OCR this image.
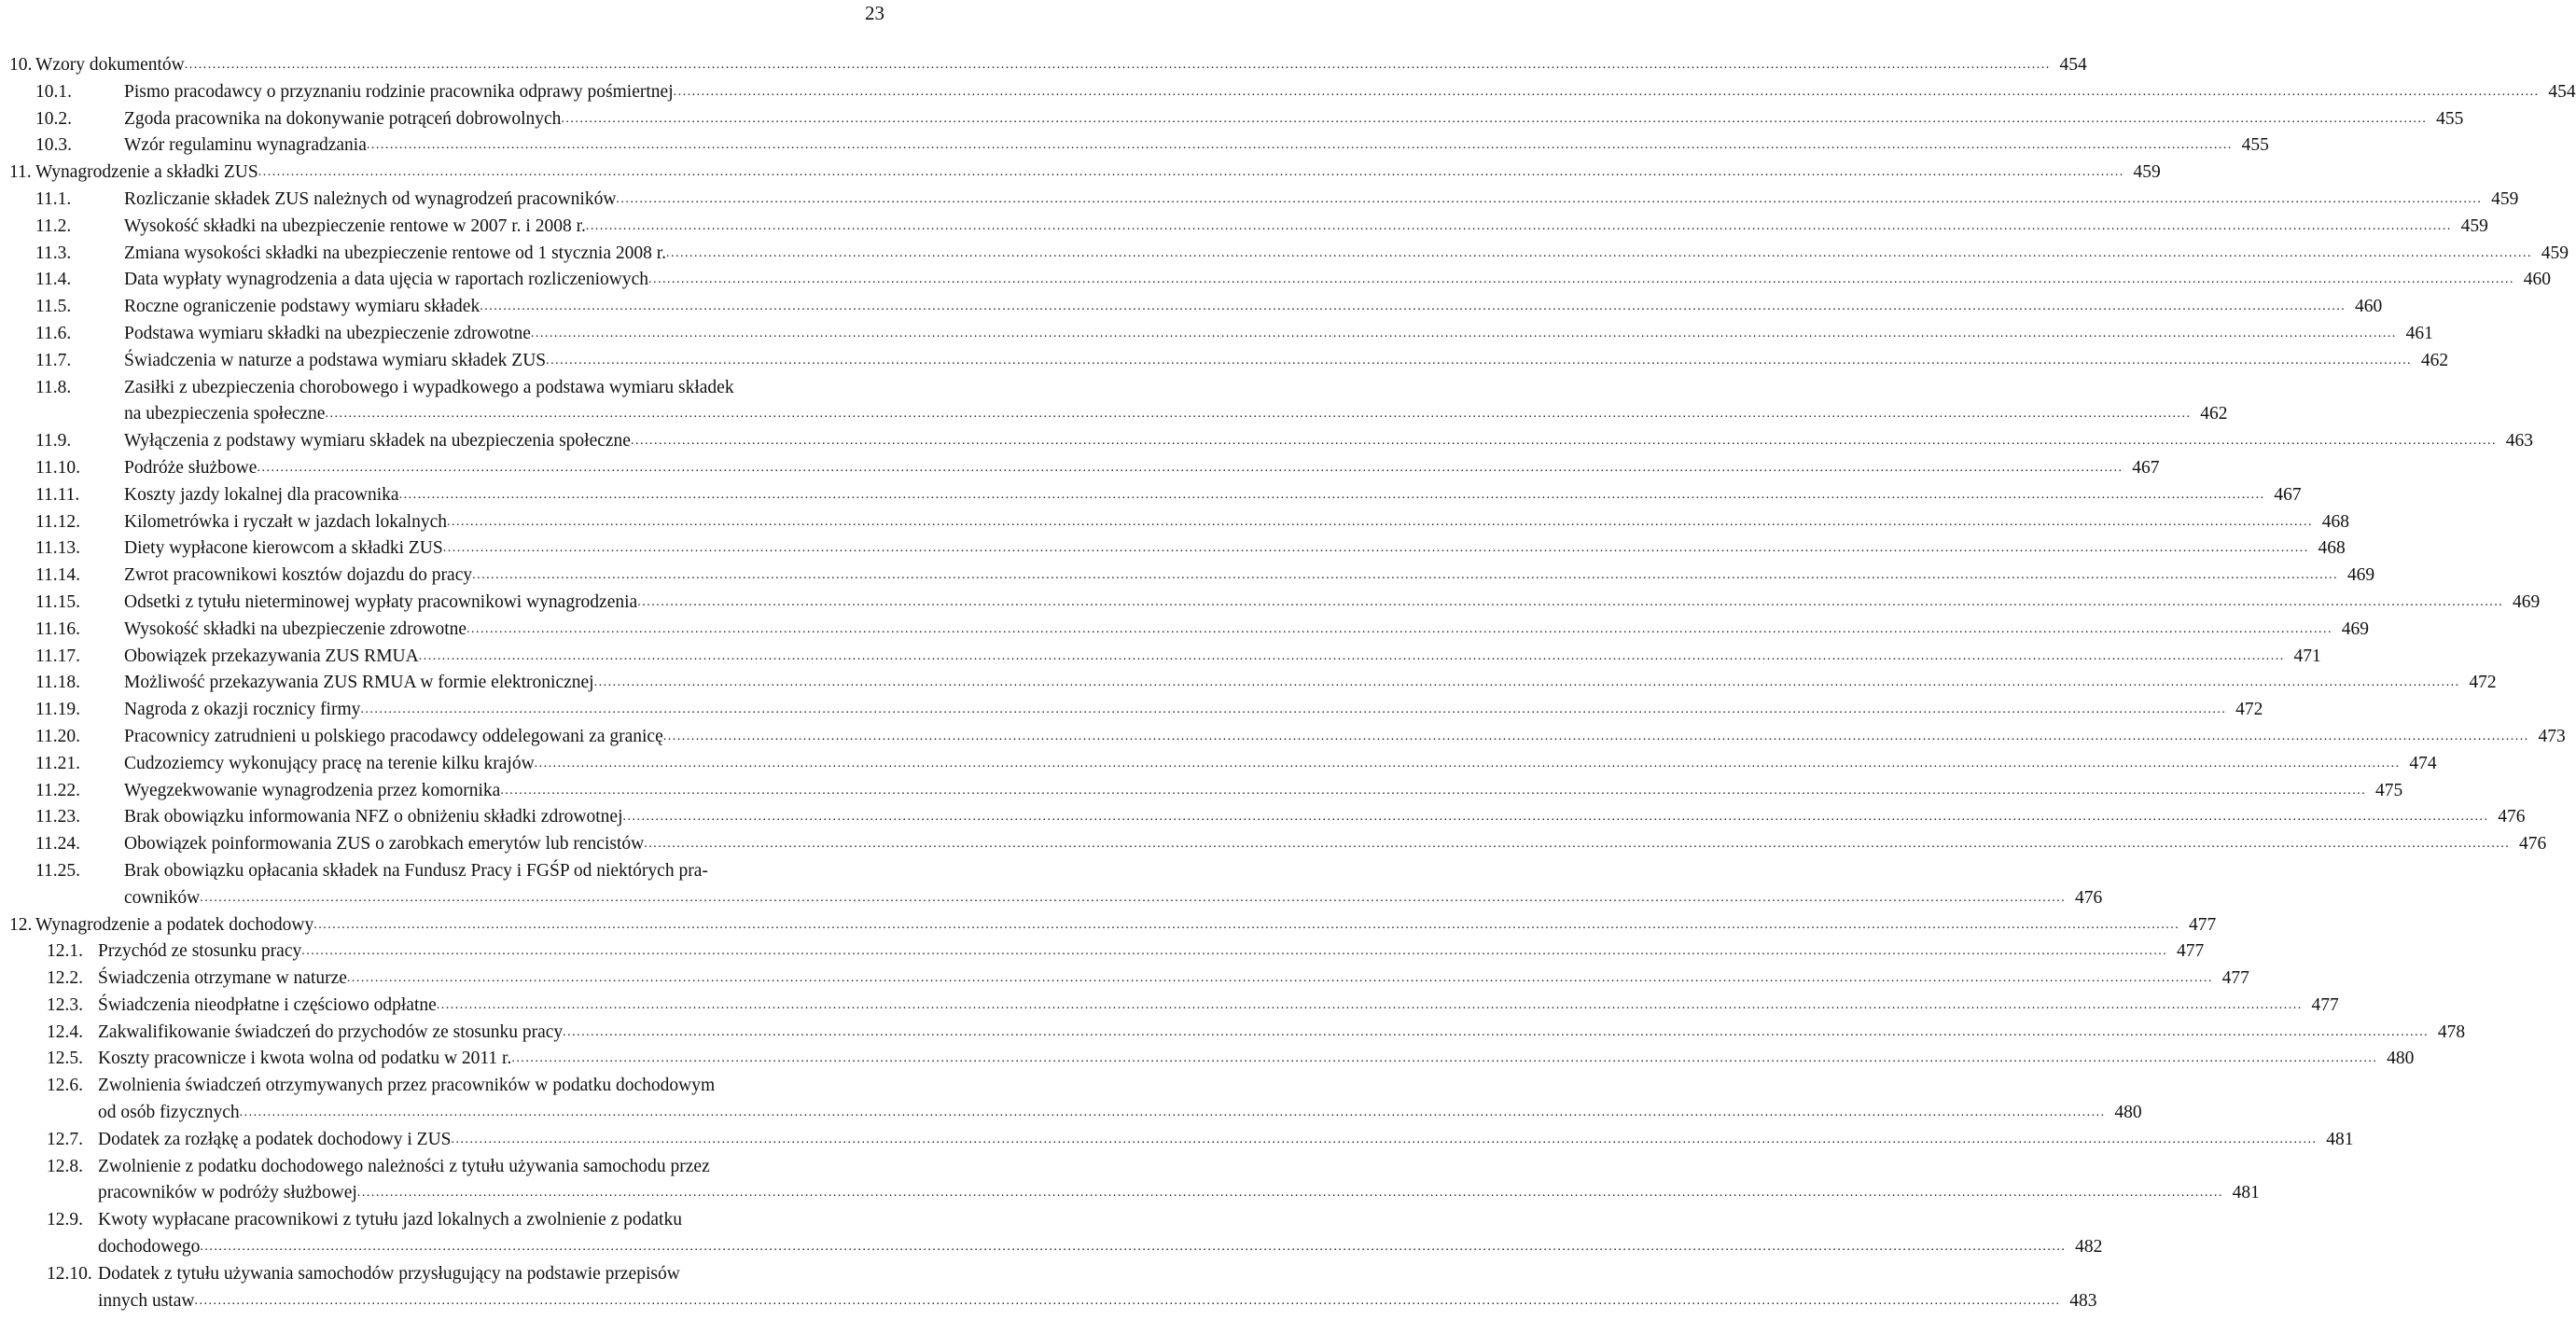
23
10. Wzory dokumentów ................................................................................................................................................................................................................................................................................................................................................................................................................ 454
10.1.	Pismo pracodawcy o przyznaniu rodzinie pracownika odprawy pośmiertnej ................................................................................................................................................................................................................................................................................................................................................................................................................ 454
10.2.	Zgoda pracownika na dokonywanie potrąceń dobrowolnych ................................................................................................................................................................................................................................................................................................................................................................................................................ 455
10.3.	Wzór regulaminu wynagradzania ................................................................................................................................................................................................................................................................................................................................................................................................................ 455
11. Wynagrodzenie a składki ZUS ................................................................................................................................................................................................................................................................................................................................................................................................................ 459
11.1.	Rozliczanie składek ZUS należnych od wynagrodzeń pracowników ................................................................................................................................................................................................................................................................................................................................................................................................................ 459
11.2.	Wysokość składki na ubezpieczenie rentowe w 2007 r. i 2008 r. ................................................................................................................................................................................................................................................................................................................................................................................................................ 459
11.3.	Zmiana wysokości składki na ubezpieczenie rentowe od 1 stycznia 2008 r. ................................................................................................................................................................................................................................................................................................................................................................................................................ 459
11.4.	Data wypłaty wynagrodzenia a data ujęcia w raportach rozliczeniowych ................................................................................................................................................................................................................................................................................................................................................................................................................ 460
11.5.	Roczne ograniczenie podstawy wymiaru składek ................................................................................................................................................................................................................................................................................................................................................................................................................ 460
11.6.	Podstawa wymiaru składki na ubezpieczenie zdrowotne ................................................................................................................................................................................................................................................................................................................................................................................................................ 461
11.7.	Świadczenia w naturze a podstawa wymiaru składek ZUS ................................................................................................................................................................................................................................................................................................................................................................................................................ 462
11.8.	Zasiłki z ubezpieczenia chorobowego i wypadkowego a podstawa wymiaru składek
na ubezpieczenia społeczne ................................................................................................................................................................................................................................................................................................................................................................................................................ 462
11.9.	Wyłączenia z podstawy wymiaru składek na ubezpieczenia społeczne ................................................................................................................................................................................................................................................................................................................................................................................................................ 463
11.10.	Podróże służbowe ................................................................................................................................................................................................................................................................................................................................................................................................................ 467
11.11.	Koszty jazdy lokalnej dla pracownika ................................................................................................................................................................................................................................................................................................................................................................................................................ 467
11.12.	Kilometrówka i ryczałt w jazdach lokalnych ................................................................................................................................................................................................................................................................................................................................................................................................................ 468
11.13.	Diety wypłacone kierowcom a składki ZUS ................................................................................................................................................................................................................................................................................................................................................................................................................ 468
11.14.	Zwrot pracownikowi kosztów dojazdu do pracy ................................................................................................................................................................................................................................................................................................................................................................................................................ 469
11.15.	Odsetki z tytułu nieterminowej wypłaty pracownikowi wynagrodzenia ................................................................................................................................................................................................................................................................................................................................................................................................................ 469
11.16.	Wysokość składki na ubezpieczenie zdrowotne ................................................................................................................................................................................................................................................................................................................................................................................................................ 469
11.17.	Obowiązek przekazywania ZUS RMUA ................................................................................................................................................................................................................................................................................................................................................................................................................ 471
11.18.	Możliwość przekazywania ZUS RMUA w formie elektronicznej ................................................................................................................................................................................................................................................................................................................................................................................................................ 472
11.19.	Nagroda z okazji rocznicy firmy ................................................................................................................................................................................................................................................................................................................................................................................................................ 472
11.20.	Pracownicy zatrudnieni u polskiego pracodawcy oddelegowani za granicę ................................................................................................................................................................................................................................................................................................................................................................................................................ 473
11.21.	Cudzoziemcy wykonujący pracę na terenie kilku krajów ................................................................................................................................................................................................................................................................................................................................................................................................................ 474
11.22.	Wyegzekwowanie wynagrodzenia przez komornika ................................................................................................................................................................................................................................................................................................................................................................................................................ 475
11.23.	Brak obowiązku informowania NFZ o obniżeniu składki zdrowotnej ................................................................................................................................................................................................................................................................................................................................................................................................................ 476
11.24.	Obowiązek poinformowania ZUS o zarobkach emerytów lub rencistów ................................................................................................................................................................................................................................................................................................................................................................................................................ 476
11.25.	Brak obowiązku opłacania składek na Fundusz Pracy i FGŚP od niektórych pra-
cowników ................................................................................................................................................................................................................................................................................................................................................................................................................ 476
12. Wynagrodzenie a podatek dochodowy ................................................................................................................................................................................................................................................................................................................................................................................................................ 477
12.1. Przychód ze stosunku pracy ................................................................................................................................................................................................................................................................................................................................................................................................................ 477
12.2. Świadczenia otrzymane w naturze ................................................................................................................................................................................................................................................................................................................................................................................................................ 477
12.3. Świadczenia nieodpłatne i częściowo odpłatne ................................................................................................................................................................................................................................................................................................................................................................................................................ 477
12.4. Zakwalifikowanie świadczeń do przychodów ze stosunku pracy ................................................................................................................................................................................................................................................................................................................................................................................................................ 478
12.5. Koszty pracownicze i kwota wolna od podatku w 2011 r. ................................................................................................................................................................................................................................................................................................................................................................................................................ 480
12.6. Zwolnienia świadczeń otrzymywanych przez pracowników w podatku dochodowym
od osób fizycznych ................................................................................................................................................................................................................................................................................................................................................................................................................ 480
12.7. Dodatek za rozłąkę a podatek dochodowy i ZUS ................................................................................................................................................................................................................................................................................................................................................................................................................ 481
12.8. Zwolnienie z podatku dochodowego należności z tytułu używania samochodu przez
pracowników w podróży służbowej ................................................................................................................................................................................................................................................................................................................................................................................................................ 481
12.9. Kwoty wypłacane pracownikowi z tytułu jazd lokalnych a zwolnienie z podatku
dochodowego ................................................................................................................................................................................................................................................................................................................................................................................................................ 482
12.10. Dodatek z tytułu używania samochodów przysługujący na podstawie przepisów
innych ustaw ................................................................................................................................................................................................................................................................................................................................................................................................................ 483
